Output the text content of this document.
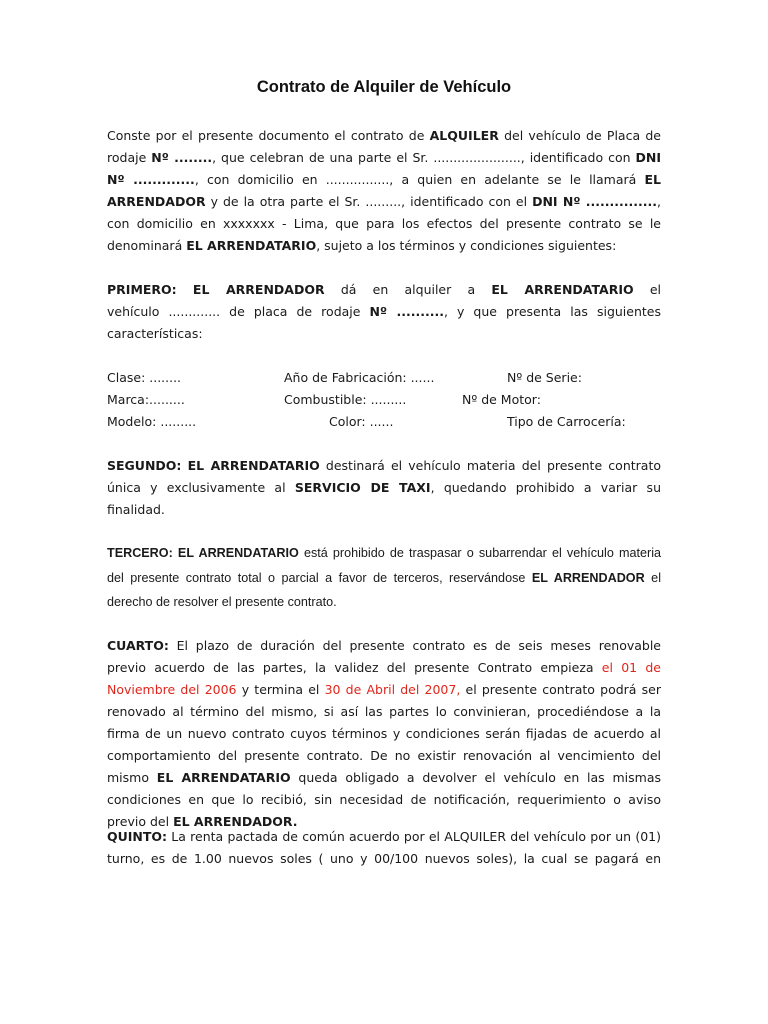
Contrato de Alquiler de Vehículo
Conste por el presente documento el contrato de ALQUILER del vehículo de Placa de
rodaje Nº ........, que celebran de una parte el Sr. ......................, identificado con DNI
Nº ............., con domicilio en ................, a quien en adelante se le llamará EL
ARRENDADOR y de la otra parte el Sr. ........., identificado con el DNI Nº ...............,
con domicilio en xxxxxxx - Lima, que para los efectos del presente contrato se le
denominará EL ARRENDATARIO, sujeto a los términos y condiciones siguientes:
PRIMERO: EL ARRENDADOR dá en alquiler a EL ARRENDATARIO el
vehículo ............. de placa de rodaje Nº .........., y que presenta las siguientes
características:
Clase: ........	Año de Fabricación: ......	Nº de Serie:
Marca:.........	Combustible: .........	Nº de Motor:
Modelo: .........	Color: ......	Tipo de Carrocería:
SEGUNDO: EL ARRENDATARIO destinará el vehículo materia del presente contrato
única y exclusivamente al SERVICIO DE TAXI, quedando prohibido a variar su
finalidad.
TERCERO: EL ARRENDATARIO está prohibido de traspasar o subarrendar el vehículo materia
del presente contrato total o parcial a favor de terceros, reservándose EL ARRENDADOR el
derecho de resolver el presente contrato.
CUARTO: El plazo de duración del presente contrato es de seis meses renovable
previo acuerdo de las partes, la validez del presente Contrato empieza el 01 de
Noviembre del 2006 y termina el 30 de Abril del 2007, el presente contrato podrá ser
renovado al término del mismo, si así las partes lo convinieran, procediéndose a la
firma de un nuevo contrato cuyos términos y condiciones serán fijadas de acuerdo al
comportamiento del presente contrato. De no existir renovación al vencimiento del
mismo EL ARRENDATARIO queda obligado a devolver el vehículo en las mismas
condiciones en que lo recibió, sin necesidad de notificación, requerimiento o aviso
previo del EL ARRENDADOR.
QUINTO: La renta pactada de común acuerdo por el ALQUILER del vehículo por un (01)
turno, es de 1.00 nuevos soles ( uno y 00/100 nuevos soles), la cual se pagará en
